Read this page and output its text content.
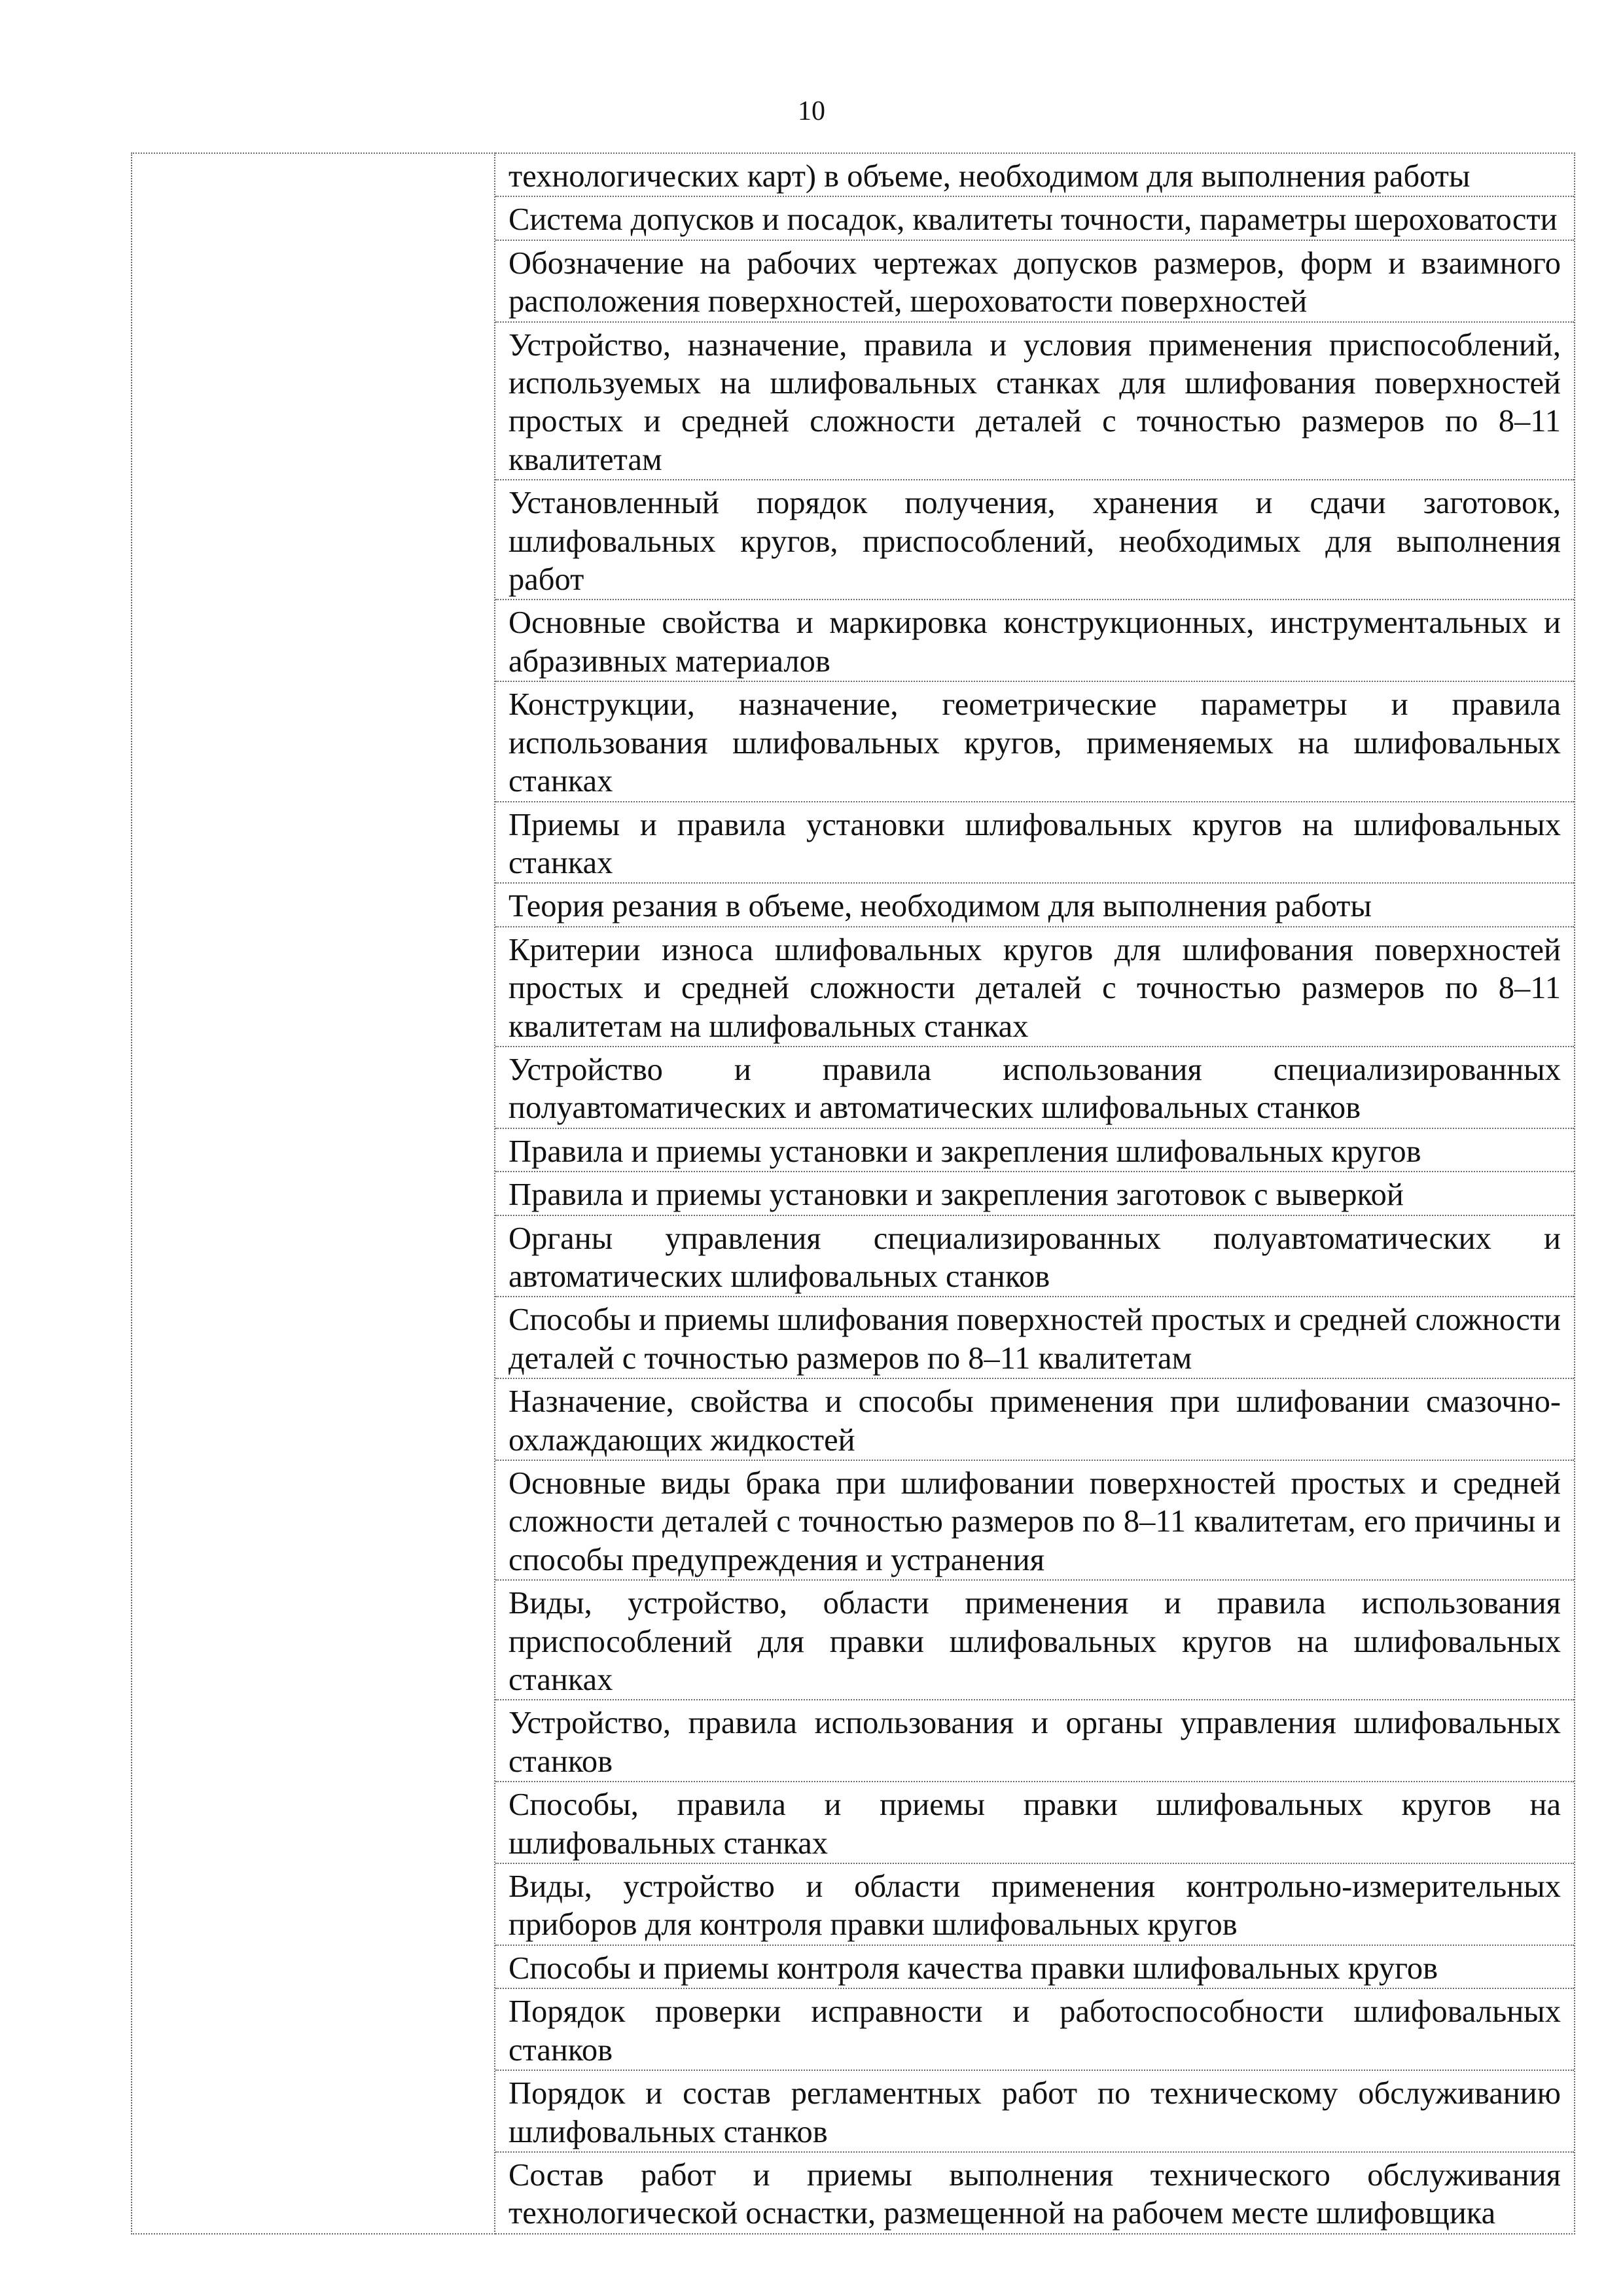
10

технологических карт) в объеме, необходимом для выполнения работы
Система допусков и посадок, квалитеты точности, параметры шероховатости
Обозначение на рабочих чертежах допусков размеров, форм и взаимного расположения поверхностей, шероховатости поверхностей
Устройство, назначение, правила и условия применения приспособлений, используемых на шлифовальных станках для шлифования поверхностей простых и средней сложности деталей с точностью размеров по 8–11 квалитетам
Установленный порядок получения, хранения и сдачи заготовок, шлифовальных кругов, приспособлений, необходимых для выполнения работ
Основные свойства и маркировка конструкционных, инструментальных и абразивных материалов
Конструкции, назначение, геометрические параметры и правила использования шлифовальных кругов, применяемых на шлифовальных станках
Приемы и правила установки шлифовальных кругов на шлифовальных станках
Теория резания в объеме, необходимом для выполнения работы
Критерии износа шлифовальных кругов для шлифования поверхностей простых и средней сложности деталей с точностью размеров по 8–11 квалитетам на шлифовальных станках
Устройство и правила использования специализированных полуавтоматических и автоматических шлифовальных станков
Правила и приемы установки и закрепления шлифовальных кругов
Правила и приемы установки и закрепления заготовок с выверкой
Органы управления специализированных полуавтоматических и автоматических шлифовальных станков
Способы и приемы шлифования поверхностей простых и средней сложности деталей с точностью размеров по 8–11 квалитетам
Назначение, свойства и способы применения при шлифовании смазочно-охлаждающих жидкостей
Основные виды брака при шлифовании поверхностей простых и средней сложности деталей с точностью размеров по 8–11 квалитетам, его причины и способы предупреждения и устранения
Виды, устройство, области применения и правила использования приспособлений для правки шлифовальных кругов на шлифовальных станках
Устройство, правила использования и органы управления шлифовальных станков
Способы, правила и приемы правки шлифовальных кругов на шлифовальных станках
Виды, устройство и области применения контрольно-измерительных приборов для контроля правки шлифовальных кругов
Способы и приемы контроля качества правки шлифовальных кругов
Порядок проверки исправности и работоспособности шлифовальных станков
Порядок и состав регламентных работ по техническому обслуживанию шлифовальных станков
Состав работ и приемы выполнения технического обслуживания технологической оснастки, размещенной на рабочем месте шлифовщика
